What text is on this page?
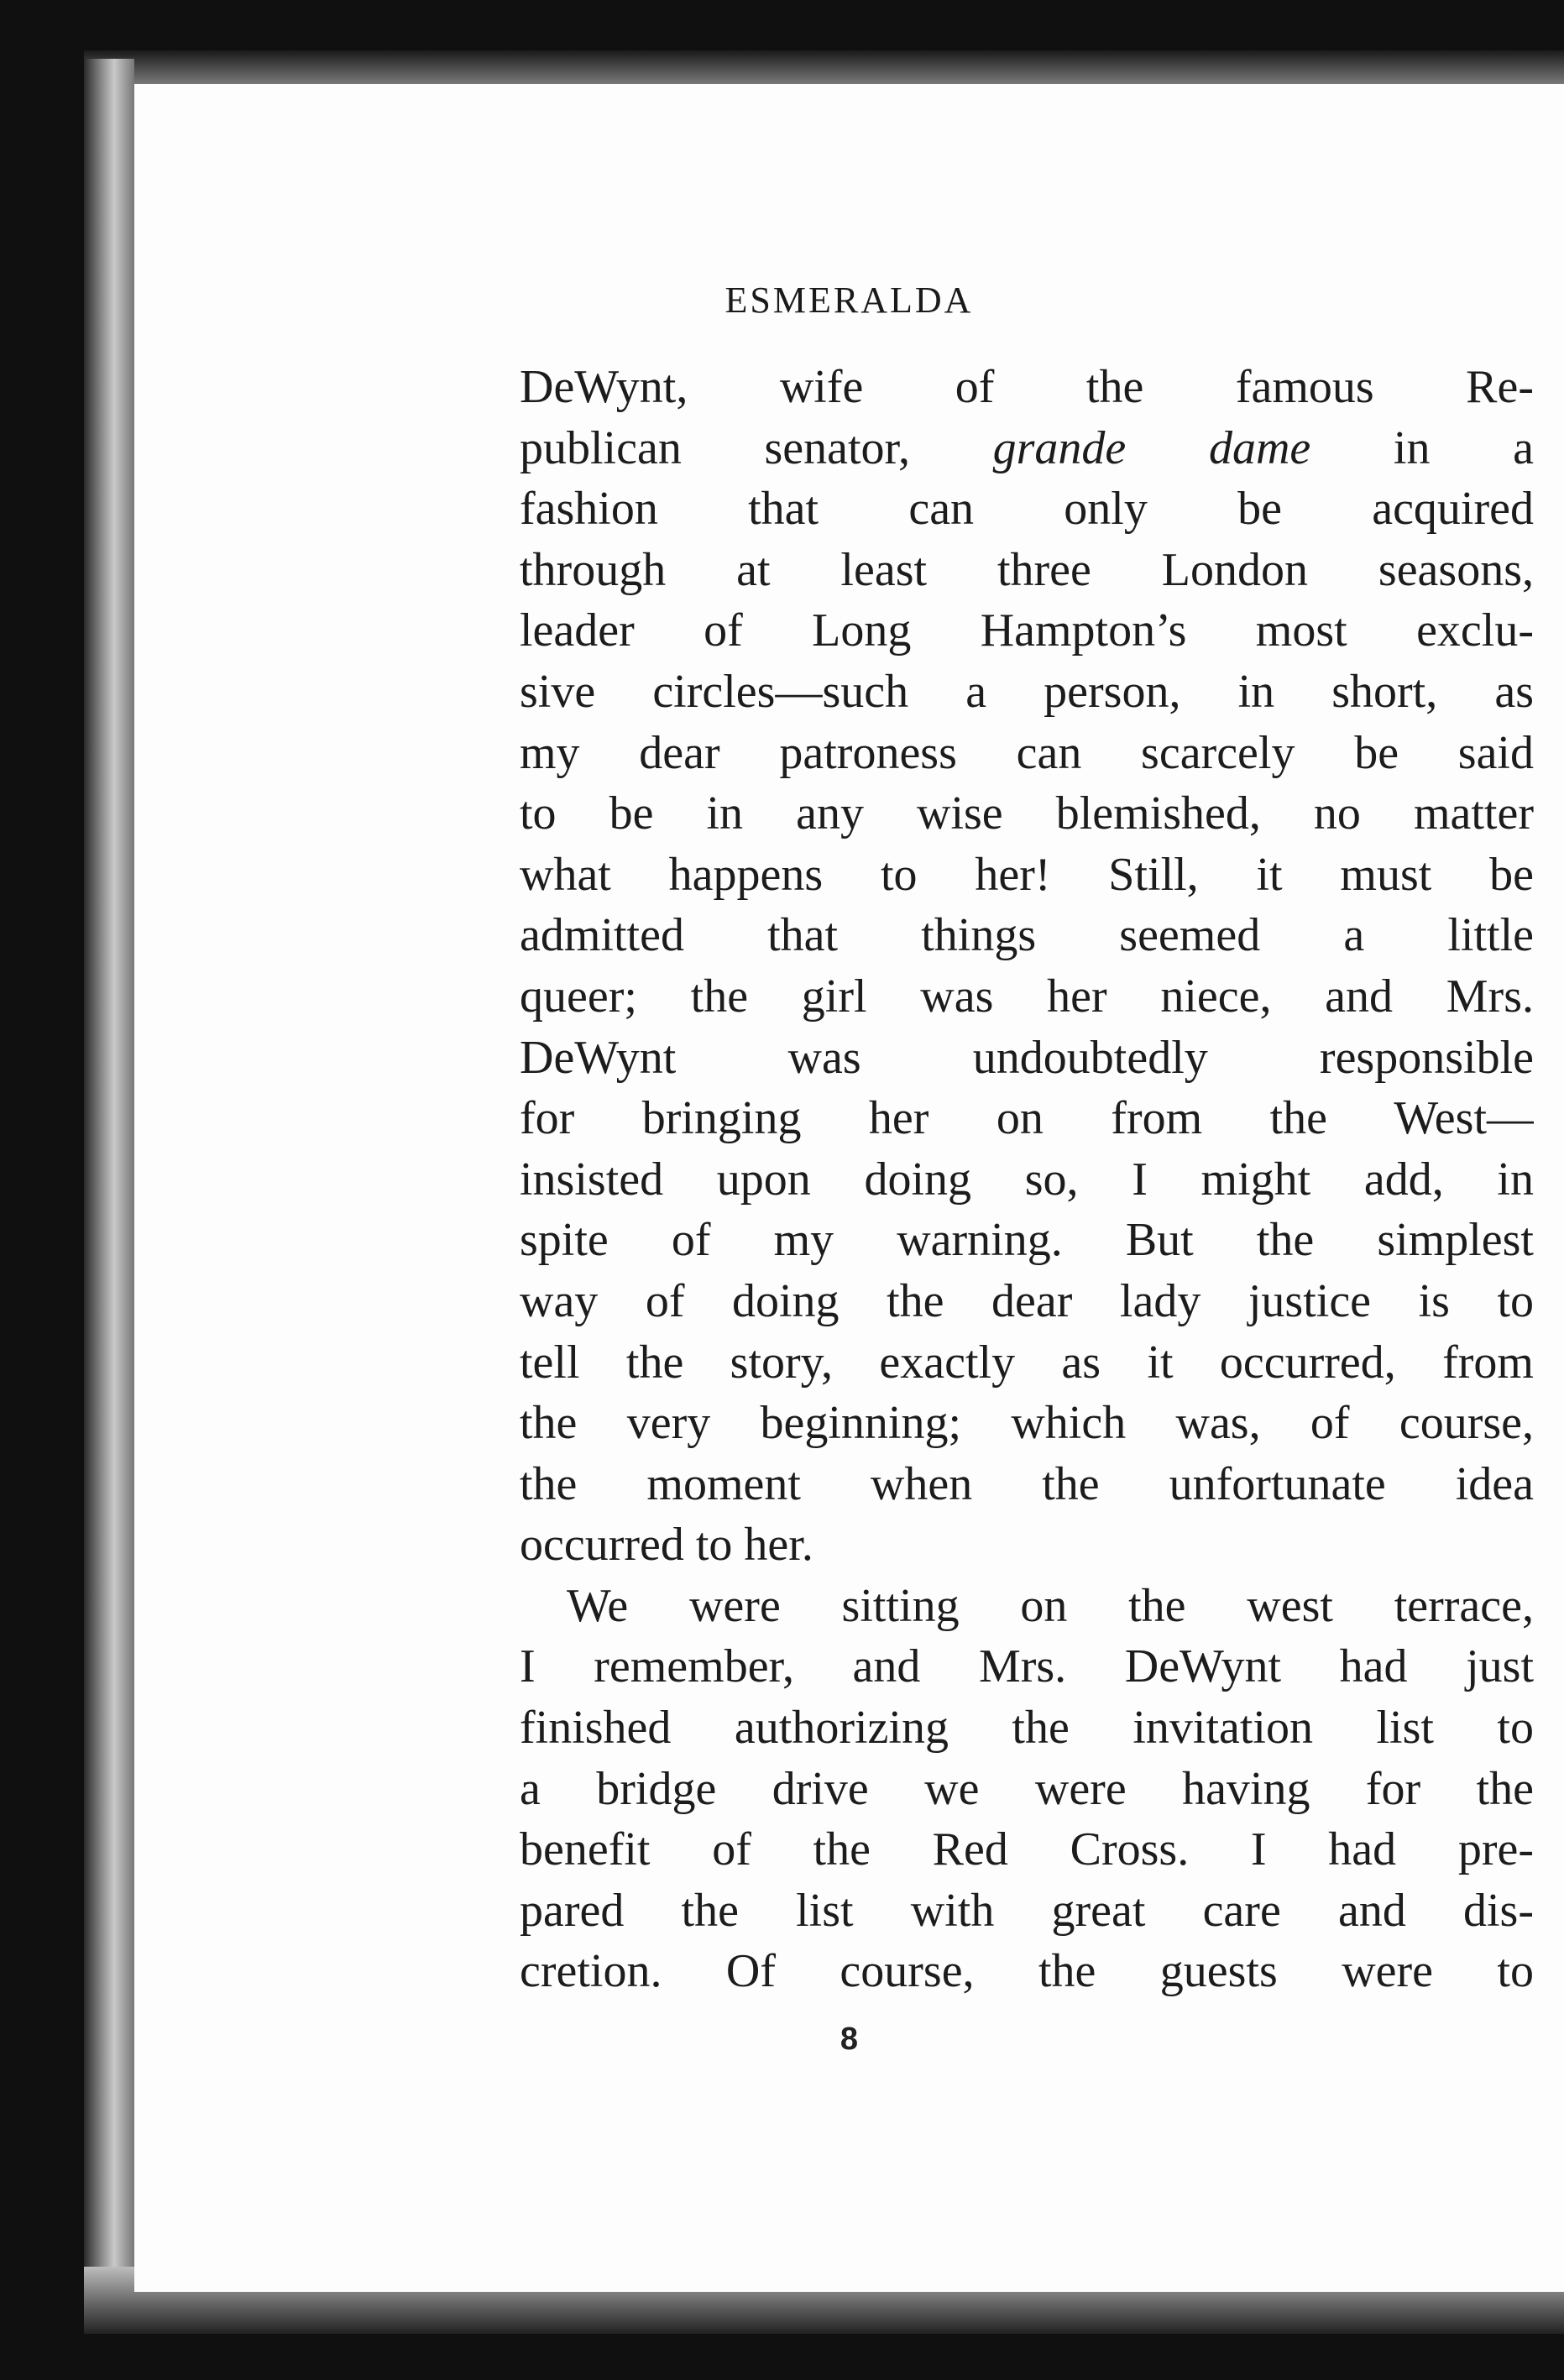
ESMERALDA
DeWynt, wife of the famous Re-
publican senator, grande dame in a
fashion that can only be acquired
through at least three London seasons,
leader of Long Hampton’s most exclu-
sive circles—such a person, in short, as
my dear patroness can scarcely be said
to be in any wise blemished, no matter
what happens to her! Still, it must be
admitted that things seemed a little
queer; the girl was her niece, and Mrs.
DeWynt was undoubtedly responsible
for bringing her on from the West—
insisted upon doing so, I might add, in
spite of my warning. But the simplest
way of doing the dear lady justice is to
tell the story, exactly as it occurred, from
the very beginning; which was, of course,
the moment when the unfortunate idea
occurred to her.
We were sitting on the west terrace,
I remember, and Mrs. DeWynt had just
finished authorizing the invitation list to
a bridge drive we were having for the
benefit of the Red Cross. I had pre-
pared the list with great care and dis-
cretion. Of course, the guests were to
8
